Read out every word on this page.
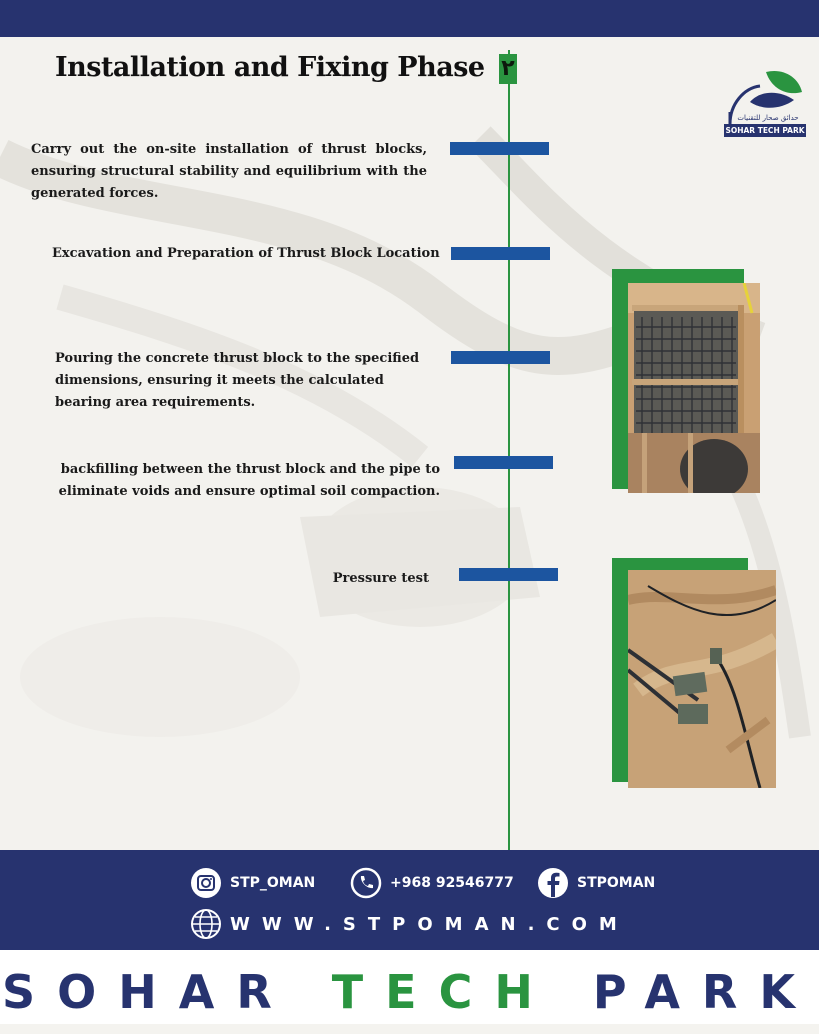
٢
Installation and Fixing Phase
حدائق صحار للتقنيات
SOHAR TECH PARK

Carry out the on-site installation of thrust blocks, ensuring structural stability and equilibrium with the generated forces.

Excavation and Preparation of Thrust Block Location

Pouring the concrete thrust block to the specified dimensions, ensuring it meets the calculated bearing area requirements.

backfilling between the thrust block and the pipe to eliminate voids and ensure optimal soil compaction.

Pressure test

STP_OMAN	+968 92546777	STPOMAN
WWW.STPOMAN.COM
SOHAR TECH PARK
